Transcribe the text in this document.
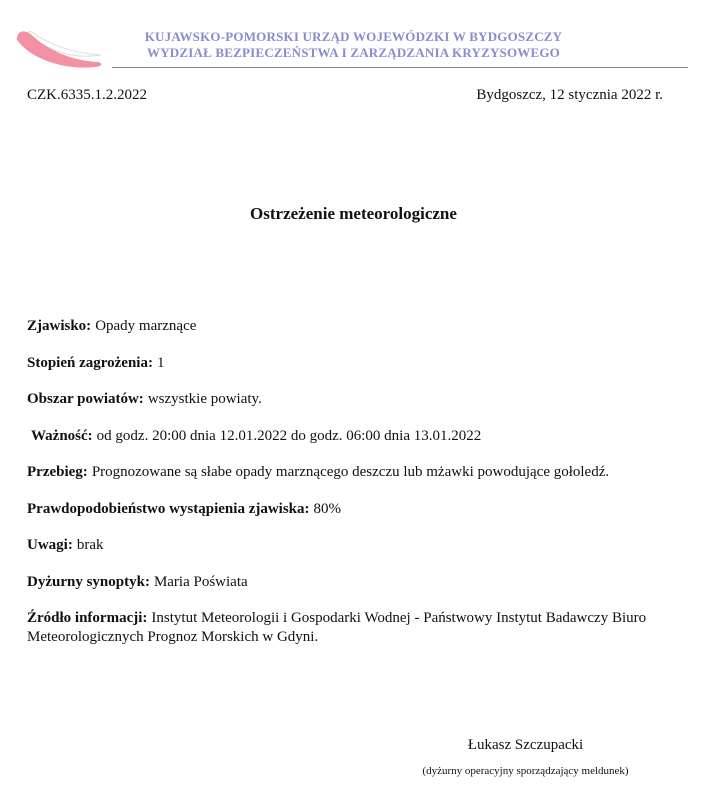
KUJAWSKO-POMORSKI URZĄD WOJEWÓDZKI W BYDGOSZCZY
WYDZIAŁ BEZPIECZEŃSTWA I ZARZĄDZANIA KRYZYSOWEGO
CZK.6335.1.2.2022	Bydgoszcz, 12 stycznia 2022 r.
Ostrzeżenie meteorologiczne

Zjawisko: Opady marznące

Stopień zagrożenia: 1

Obszar powiatów: wszystkie powiaty.

Ważność: od godz. 20:00 dnia 12.01.2022 do godz. 06:00 dnia 13.01.2022

Przebieg: Prognozowane są słabe opady marznącego deszczu lub mżawki powodujące gołoledź.

Prawdopodobieństwo wystąpienia zjawiska: 80%

Uwagi: brak

Dyżurny synoptyk: Maria Poświata

Źródło informacji: Instytut Meteorologii i Gospodarki Wodnej - Państwowy Instytut Badawczy Biuro Meteorologicznych Prognoz Morskich w Gdyni.

Łukasz Szczupacki
(dyżurny operacyjny sporządzający meldunek)
